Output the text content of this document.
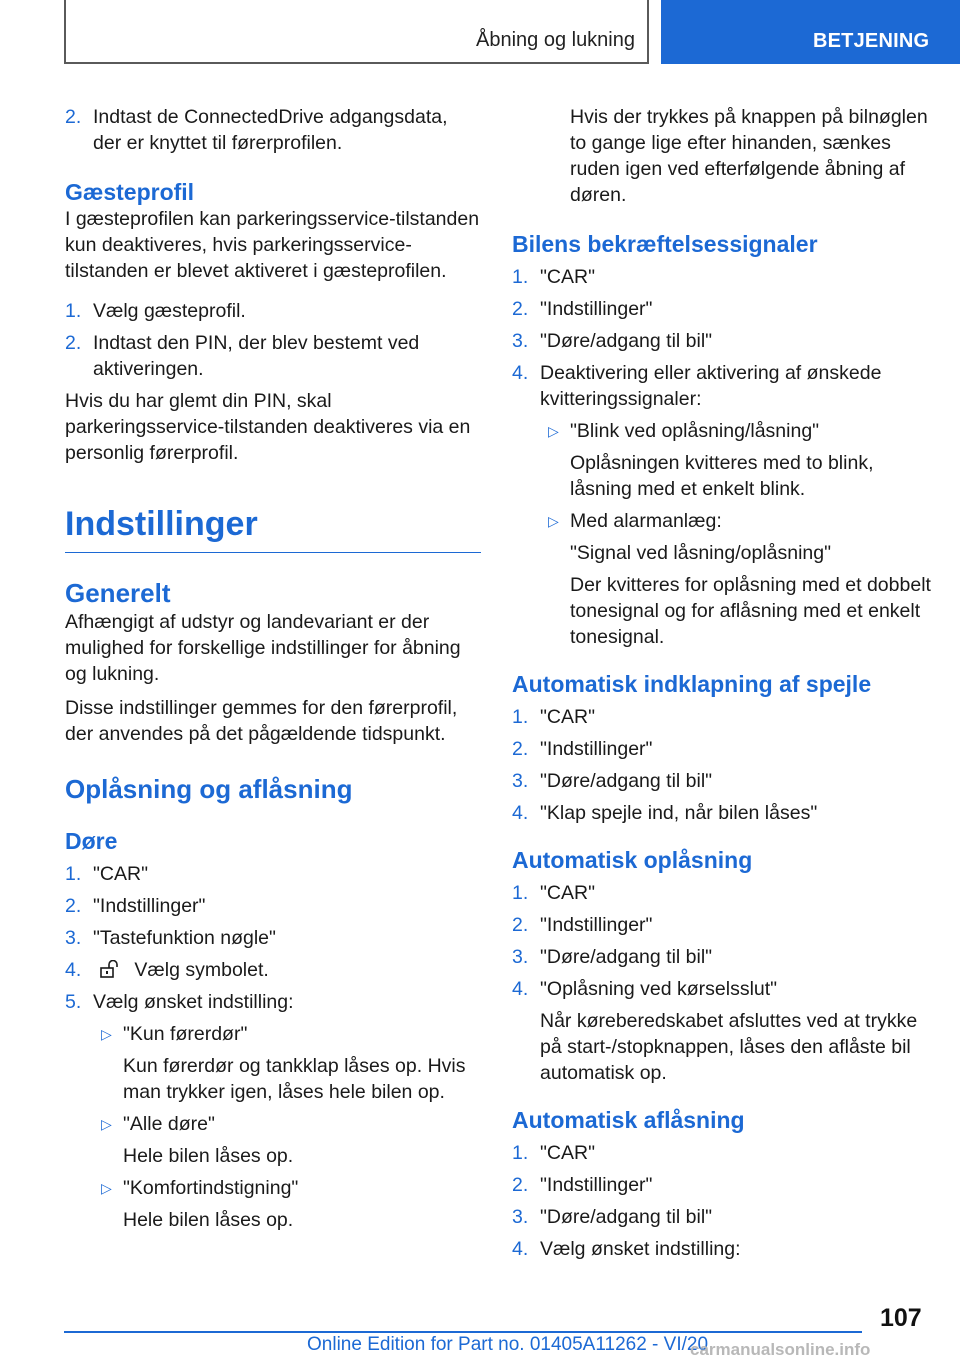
Åbning og lukning	BETJENING
2. Indtast de ConnectedDrive adgangsdata, der er knyttet til førerprofilen.
Gæsteprofil
I gæsteprofilen kan parkeringsservice-tilstanden kun deaktiveres, hvis parkeringsservice-tilstanden er blevet aktiveret i gæsteprofilen.
1. Vælg gæsteprofil.
2. Indtast den PIN, der blev bestemt ved aktiveringen.
Hvis du har glemt din PIN, skal parkeringsservice-tilstanden deaktiveres via en personlig førerprofil.
Indstillinger
Generelt
Afhængigt af udstyr og landevariant er der mulighed for forskellige indstillinger for åbning og lukning.
Disse indstillinger gemmes for den førerprofil, der anvendes på det pågældende tidspunkt.
Oplåsning og aflåsning
Døre
1. "CAR"
2. "Indstillinger"
3. "Tastefunktion nøgle"
4.	Vælg symbolet.
5. Vælg ønsket indstilling:
▷ "Kun førerdør"
Kun førerdør og tankklap låses op. Hvis man trykker igen, låses hele bilen op.
▷ "Alle døre"
Hele bilen låses op.
▷ "Komfortindstigning"
Hele bilen låses op.
Hvis der trykkes på knappen på bilnøglen to gange lige efter hinanden, sænkes ruden igen ved efterfølgende åbning af døren.
Bilens bekræftelsessignaler
1. "CAR"
2. "Indstillinger"
3. "Døre/adgang til bil"
4. Deaktivering eller aktivering af ønskede kvitteringssignaler:
▷ "Blink ved oplåsning/låsning"
Oplåsningen kvitteres med to blink, låsning med et enkelt blink.
▷ Med alarmanlæg:
"Signal ved låsning/oplåsning"
Der kvitteres for oplåsning med et dobbelt tonesignal og for aflåsning med et enkelt tonesignal.
Automatisk indklapning af spejle
1. "CAR"
2. "Indstillinger"
3. "Døre/adgang til bil"
4. "Klap spejle ind, når bilen låses"
Automatisk oplåsning
1. "CAR"
2. "Indstillinger"
3. "Døre/adgang til bil"
4. "Oplåsning ved kørselsslut"
Når køreberedskabet afsluttes ved at trykke på start-/stopknappen, låses den aflåste bil automatisk op.
Automatisk aflåsning
1. "CAR"
2. "Indstillinger"
3. "Døre/adgang til bil"
4. Vælg ønsket indstilling:
107
Online Edition for Part no. 01405A11262 - VI/20
carmanualsonline.info
